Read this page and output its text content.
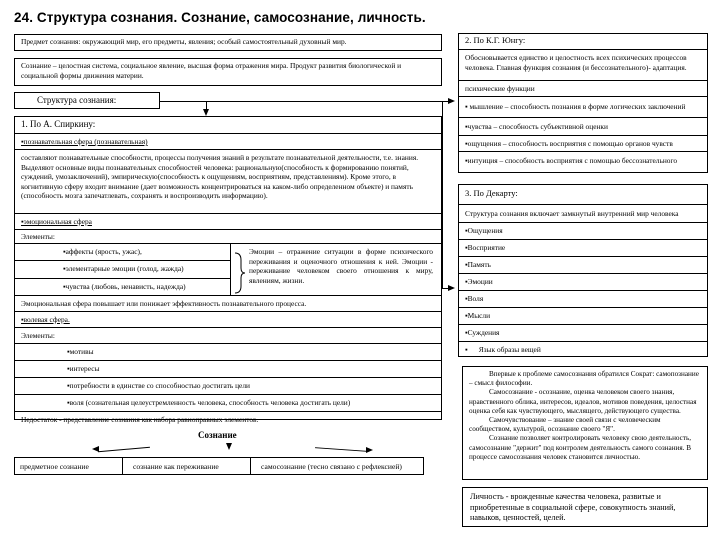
24. Структура сознания. Сознание, самосознание, личность.
Предмет сознания: окружающий мир, его предметы, явления; особый самостоятельный духовный мир.
Сознание – целостная система, социальное явление, высшая форма отражения мира. Продукт развития биологической и социальной формы движения материи.
Структура сознания:
1. По А. Спиркину:
▪познавательная сфера (познавательная)
составляют познавательные способности, процессы получения знаний в результате познавательной деятельности, т.е. знания. Выделяют основные виды познавательных способностей человека: рациональную(способность к формированию понятий, суждений, умозаключений), эмпирическую(способность к ощущениям, восприятиям, представлениям). Кроме этого, в когнитивную сферу входит внимание (дает возможность концентрироваться на каком-либо определенном объекте) и память (способность мозга запечатлевать, сохранять и воспроизводить информацию).
▪эмоциональная сфера
Элементы:
▪аффекты (ярость, ужас),
▪элементарные эмоции (голод, жажда)
▪чувства (любовь, ненависть, надежда)
Эмоции – отражение ситуации в форме психического переживания и оценочного отношения к ней. Эмоции - переживание человеком своего отношения к миру, явлениям, жизни.
Эмоциональная сфера повышает или понижает эффективность познавательного процесса.
▪волевая сфера.
Элементы:
▪мотивы
▪интересы
▪потребности в единстве со способностью достигать цели
▪воля (сознательная целеустремленность человека, способность человека достигать цели)
Недостаток - представление сознания как набора равноправных элементов.
Сознание
предметное сознание	сознание как переживание	самосознание (тесно связано с рефлексией)
2. По К.Г. Юнгу:
Обосновывается единство и целостность всех психических процессов человека. Главная функция сознания (и бессознательного)- адаптация.
психические функции
▪ мышление – способность познания в форме логических заключений
▪чувства – способность субъективной оценки
▪ощущения – способность восприятия с помощью органов чувств
▪интуиция – способность восприятия с помощью бессознательного
3. По Декарту:
Структура сознания включает замкнутый внутренний мир человека
▪Ощущения
▪Восприятие
▪Память
▪Эмоции
▪Воля
▪Мысли
▪Суждения
▪      Язык образы вещей

Впервые к проблеме самосознания обратился Сократ: самопознание – смысл философии.

Самосознание - осознание, оценка человеком своего знания, нравственного облика, интересов, идеалов, мотивов поведения, целостная оценка себя как чувствующего, мыслящего, действующего существа.

Самочувствование – знание своей связи с человеческим сообществом, культурой, осознание своего "Я".

Сознание позволяет контролировать человеку свою деятельность, самосознание "держит" под контролем деятельность самого сознания. В процессе самосознания человек становится личностью.

Личность - врожденные качества человека, развитые и приобретенные в социальной сфере, совокупность знаний, навыков, ценностей, целей.
